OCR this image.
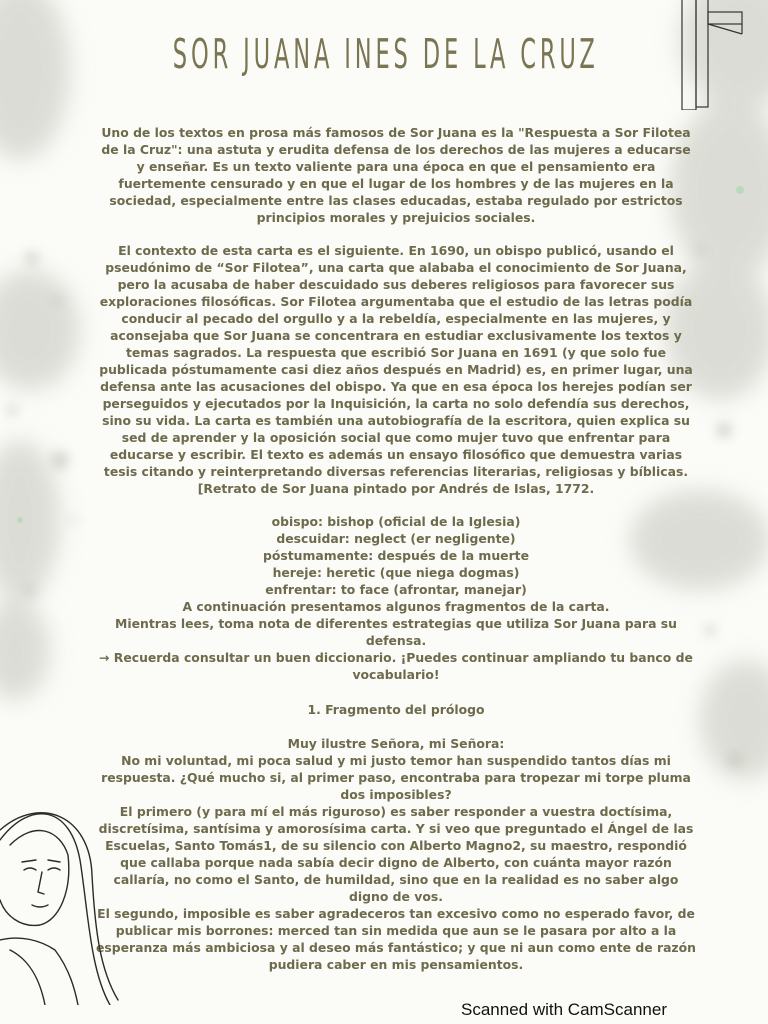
SOR JUANA INES DE LA CRUZ

Uno de los textos en prosa más famosos de Sor Juana es la "Respuesta a Sor Filotea de la Cruz": una astuta y erudita defensa de los derechos de las mujeres a educarse y enseñar. Es un texto valiente para una época en que el pensamiento era fuertemente censurado y en que el lugar de los hombres y de las mujeres en la sociedad, especialmente entre las clases educadas, estaba regulado por estrictos principios morales y prejuicios sociales.

El contexto de esta carta es el siguiente. En 1690, un obispo publicó, usando el pseudónimo de “Sor Filotea”, una carta que alababa el conocimiento de Sor Juana, pero la acusaba de haber descuidado sus deberes religiosos para favorecer sus exploraciones filosóficas. Sor Filotea argumentaba que el estudio de las letras podía conducir al pecado del orgullo y a la rebeldía, especialmente en las mujeres, y aconsejaba que Sor Juana se concentrara en estudiar exclusivamente los textos y temas sagrados. La respuesta que escribió Sor Juana en 1691 (y que solo fue publicada póstumamente casi diez años después en Madrid) es, en primer lugar, una defensa ante las acusaciones del obispo. Ya que en esa época los herejes podían ser perseguidos y ejecutados por la Inquisición, la carta no solo defendía sus derechos, sino su vida. La carta es también una autobiografía de la escritora, quien explica su sed de aprender y la oposición social que como mujer tuvo que enfrentar para educarse y escribir. El texto es además un ensayo filosófico que demuestra varias tesis citando y reinterpretando diversas referencias literarias, religiosas y bíblicas.

[Retrato de Sor Juana pintado por Andrés de Islas, 1772.

obispo: bishop (oficial de la Iglesia)

descuidar: neglect (er negligente)

póstumamente: después de la muerte

hereje: heretic (que niega dogmas)

enfrentar: to face (afrontar, manejar)

A continuación presentamos algunos fragmentos de la carta.

Mientras lees, toma nota de diferentes estrategias que utiliza Sor Juana para su defensa.

→ Recuerda consultar un buen diccionario. ¡Puedes continuar ampliando tu banco de vocabulario!

1. Fragmento del prólogo

Muy ilustre Señora, mi Señora:

No mi voluntad, mi poca salud y mi justo temor han suspendido tantos días mi respuesta. ¿Qué mucho si, al primer paso, encontraba para tropezar mi torpe pluma dos imposibles?

El primero (y para mí el más riguroso) es saber responder a vuestra doctísima, discretísima, santísima y amorosísima carta. Y si veo que preguntado el Ángel de las Escuelas, Santo Tomás1, de su silencio con Alberto Magno2, su maestro, respondió que callaba porque nada sabía decir digno de Alberto, con cuánta mayor razón callaría, no como el Santo, de humildad, sino que en la realidad es no saber algo digno de vos.

El segundo, imposible es saber agradeceros tan excesivo como no esperado favor, de publicar mis borrones: merced tan sin medida que aun se le pasara por alto a la esperanza más ambiciosa y al deseo más fantástico; y que ni aun como ente de razón pudiera caber en mis pensamientos.

Scanned with CamScanner
